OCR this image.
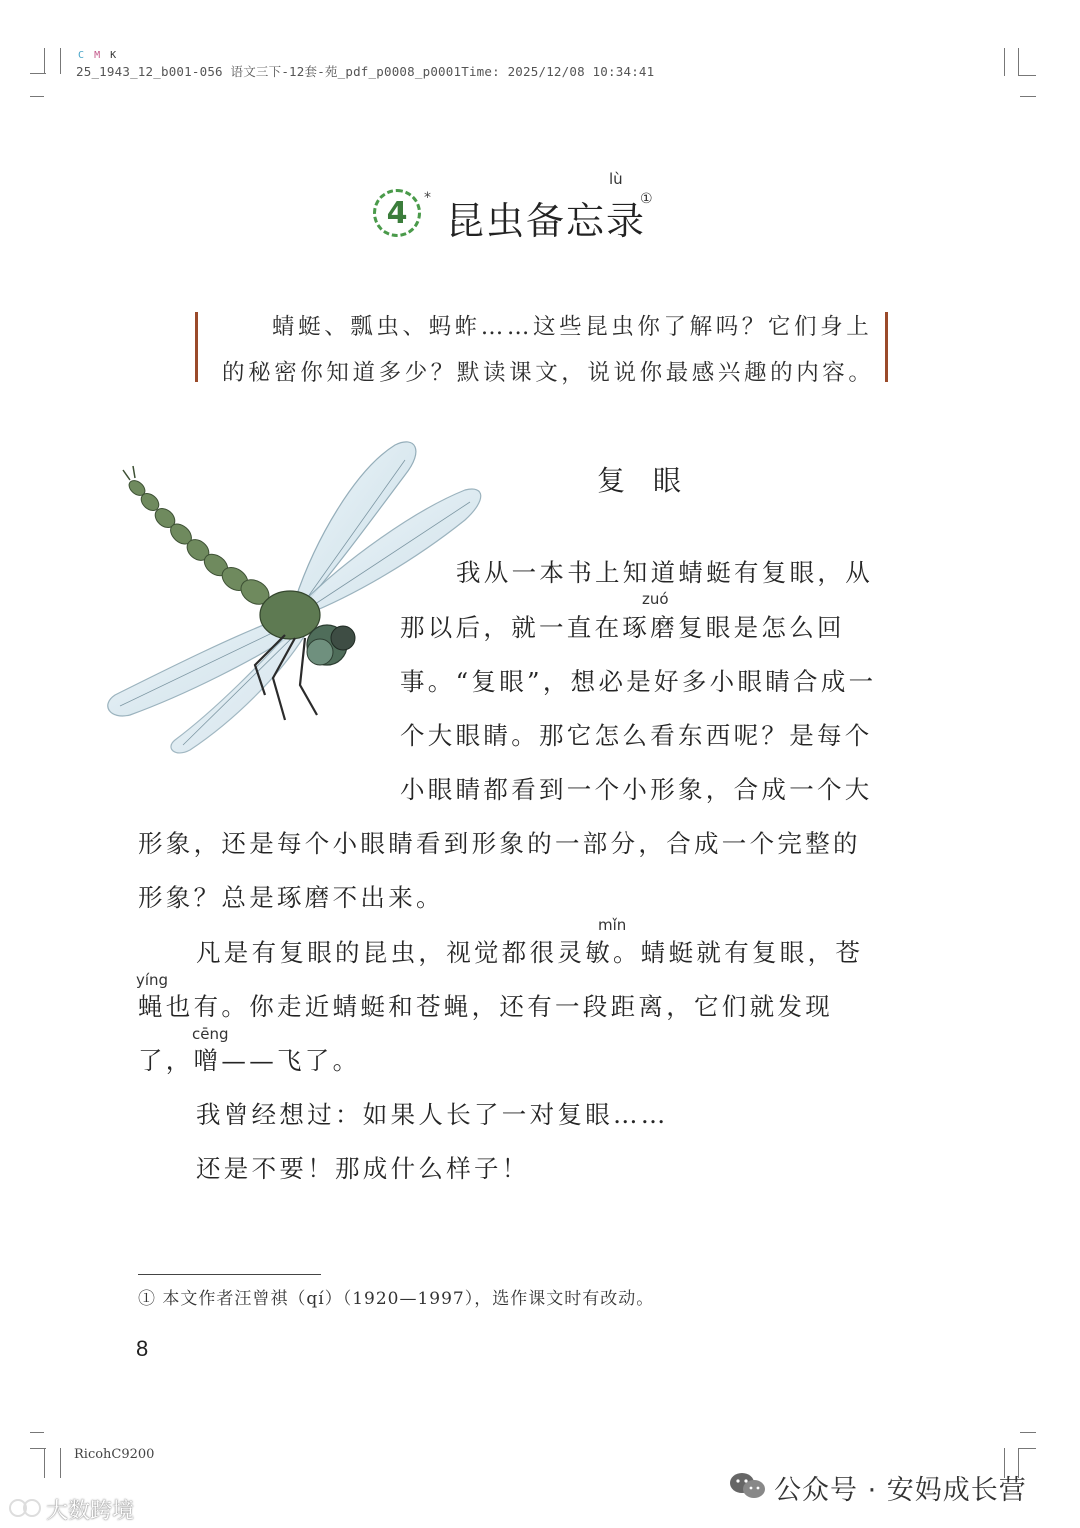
C M K
25_1943_12_b001-056 语文三下-12套-苑_pdf_p0008_p0001Time: 2025/12/08 10:34:41
4 *
昆虫备忘录
lù
①
蜻蜓、瓢虫、蚂蚱……这些昆虫你了解吗？它们身上
的秘密你知道多少？默读课文，说说你最感兴趣的内容。
复眼
我从一本书上知道蜻蜓有复眼，从
zuó
那以后，就一直在琢磨复眼是怎么回
事。“复眼”，想必是好多小眼睛合成一
个大眼睛。那它怎么看东西呢？是每个
小眼睛都看到一个小形象，合成一个大
形象，还是每个小眼睛看到形象的一部分，合成一个完整的
形象？总是琢磨不出来。
mǐn
凡是有复眼的昆虫，视觉都很灵敏。蜻蜓就有复眼，苍
yíng
蝇也有。你走近蜻蜓和苍蝇，还有一段距离，它们就发现
cēng
了，噌——飞了。
我曾经想过：如果人长了一对复眼……
还是不要！那成什么样子！
① 本文作者汪曾祺（qí）（1920—1997），选作课文时有改动。
8
RicohC9200
公众号 · 安妈成长营
大数跨境
